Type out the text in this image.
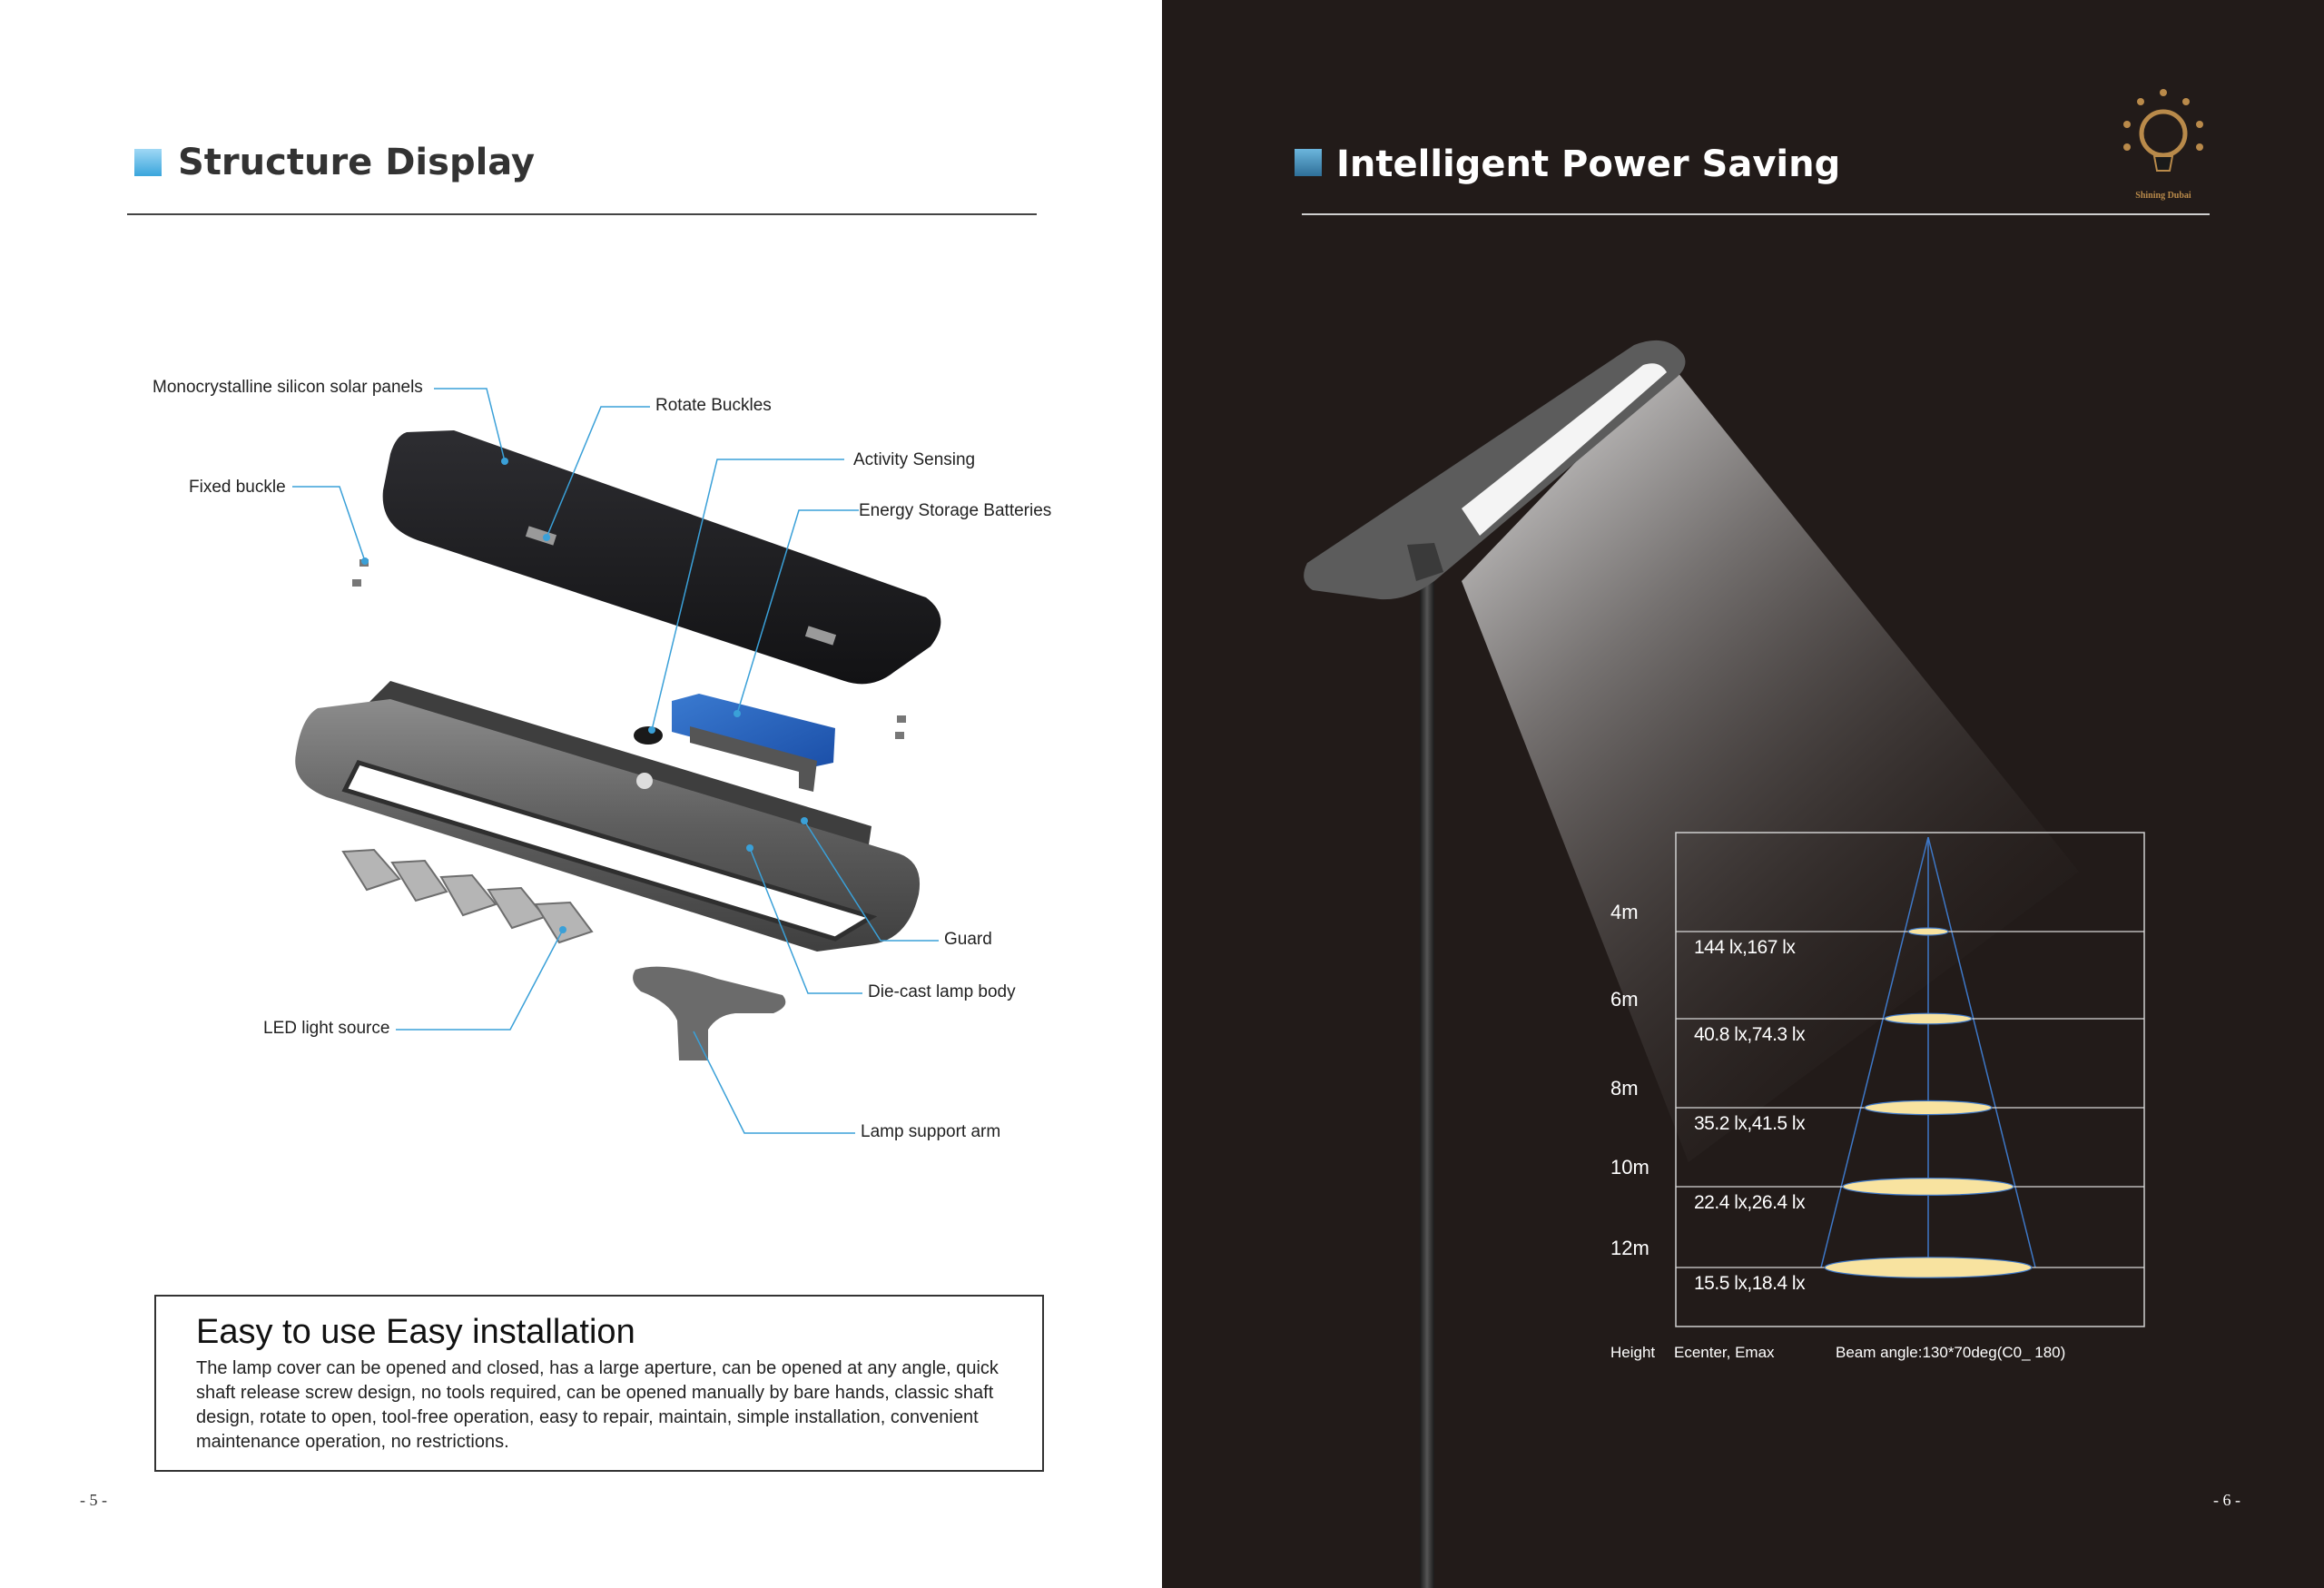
Structure Display
Monocrystalline silicon solar panels
Rotate Buckles
Fixed buckle
Activity Sensing
Energy Storage Batteries
Guard
Die-cast lamp body
LED light source
Lamp support arm
Easy to use Easy installation
The lamp cover can be opened and closed, has a large aperture, can be opened at any angle, quick shaft release screw design, no tools required, can be opened manually by bare hands, classic shaft design, rotate to open, tool-free operation, easy to repair, maintain, simple installation, convenient maintenance operation, no restrictions.
- 5 -
Intelligent Power Saving
Shining Dubai
Height Ecenter, Emax	Beam angle:130*70deg(C0_ 180)
- 6 -
4m
144 lx,167 lx
6m
40.8 lx,74.3 lx
8m
35.2 lx,41.5 lx
10m
22.4 lx,26.4 lx
12m
15.5 lx,18.4 lx
